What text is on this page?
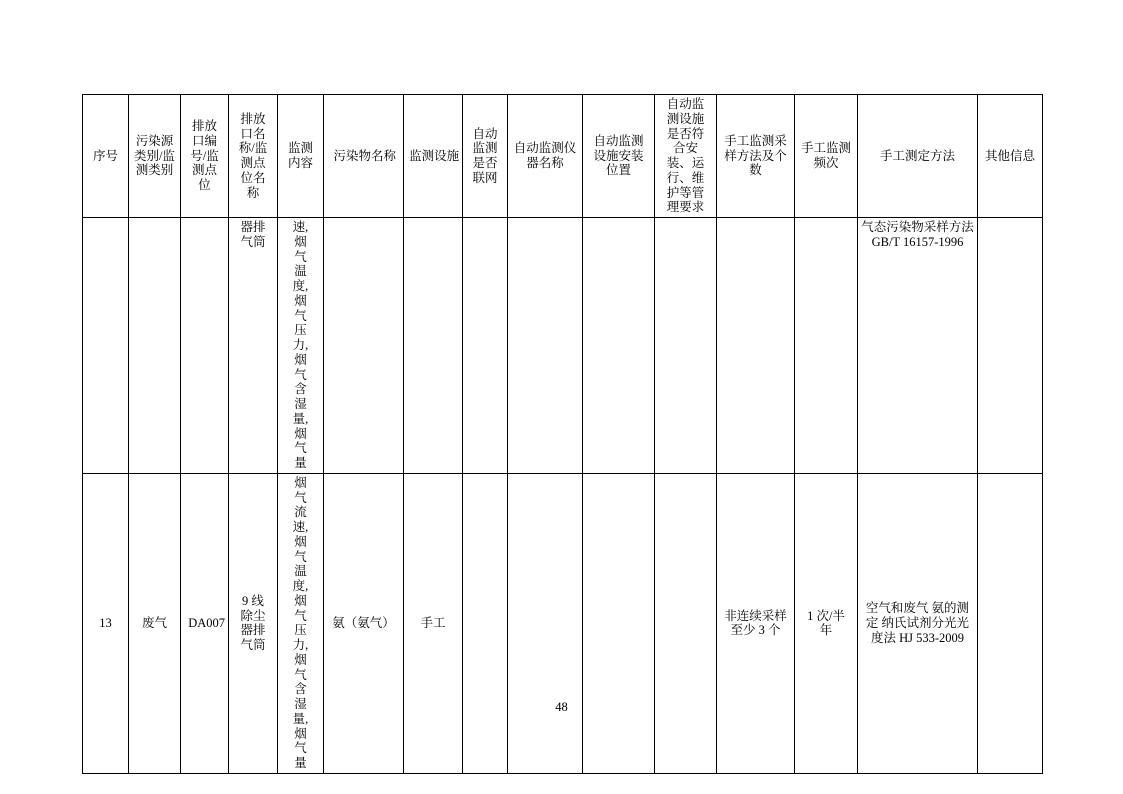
序号	污染源类别/监测类别	排放口编号/监测点位	排放口名称/监测点位名称	监测内容	污染物名称	监测设施	自动监测是否联网	自动监测仪器名称	自动监测设施安装位置	自动监测设施是否符合安装、运行、维护等管理要求	手工监测采样方法及个数	手工监测频次	手工测定方法	其他信息

			器排气筒	速,烟气温度,烟气压力,烟气含湿量,烟气量									气态污染物采样方法 GB/T 16157-1996	
13	废气	DA007	9 线除尘器排气筒	烟气流速,烟气温度,烟气压力,烟气含湿量,烟气量	氨（氨气）	手工					非连续采样至少 3 个	1 次/半年	空气和废气 氨的测定 纳氏试剂分光光度法 HJ 533-2009	
48
